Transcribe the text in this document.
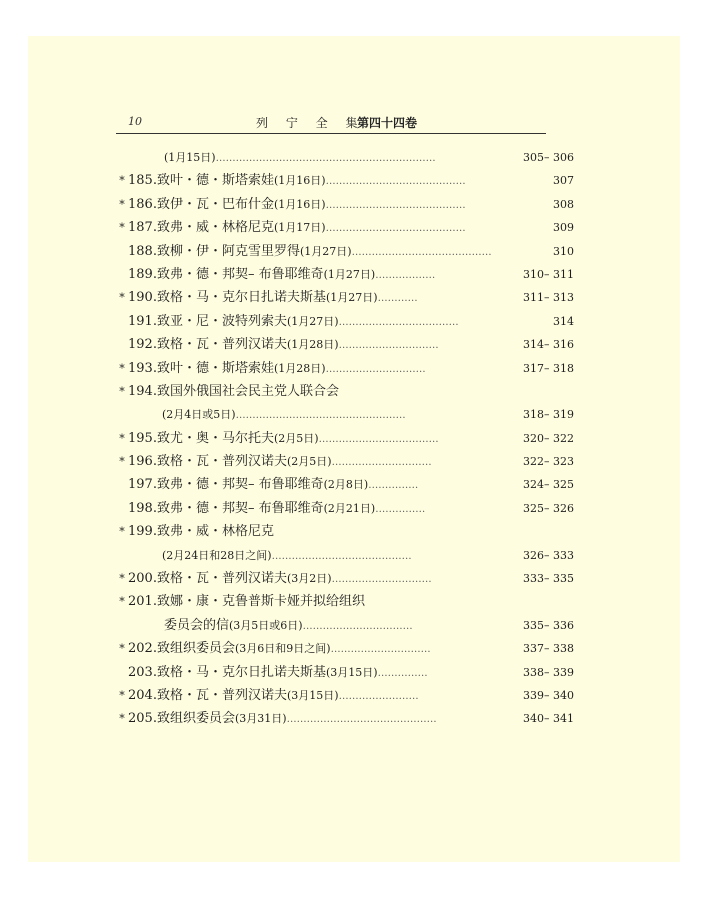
10	列 宁 全 集
第四十四卷
(1月15日)…………………………………………………………	305– 306
* 185.致叶・德・斯塔索娃(1月16日)……………………………………	307
* 186.致伊・瓦・巴布什金(1月16日)……………………………………	308
* 187.致弗・威・林格尼克(1月17日)……………………………………	309
188.致柳・伊・阿克雪里罗得(1月27日)……………………………………	310
189.致弗・德・邦契– 布鲁耶维奇(1月27日)………………	310– 311
* 190.致格・马・克尔日扎诺夫斯基(1月27日)…………	311– 313
191.致亚・尼・波特列索夫(1月27日)………………………………	314
192.致格・瓦・普列汉诺夫(1月28日)…………………………	314– 316
* 193.致叶・德・斯塔索娃(1月28日)…………………………	317– 318
* 194.致国外俄国社会民主党人联合会
(2月4日或5日)……………………………………………	318– 319
* 195.致尤・奥・马尔托夫(2月5日)………………………………	320– 322
* 196.致格・瓦・普列汉诺夫(2月5日)…………………………	322– 323
197.致弗・德・邦契– 布鲁耶维奇(2月8日)……………	324– 325
198.致弗・德・邦契– 布鲁耶维奇(2月21日)……………	325– 326
* 199.致弗・威・林格尼克
(2月24日和28日之间)……………………………………	326– 333
* 200.致格・瓦・普列汉诺夫(3月2日)…………………………	333– 335
* 201.致娜・康・克鲁普斯卡娅并拟给组织
委员会的信(3月5日或6日)……………………………	335– 336
* 202.致组织委员会(3月6日和9日之间)…………………………	337– 338
203.致格・马・克尔日扎诺夫斯基(3月15日)……………	338– 339
* 204.致格・瓦・普列汉诺夫(3月15日)……………………	339– 340
* 205.致组织委员会(3月31日)………………………………………	340– 341
